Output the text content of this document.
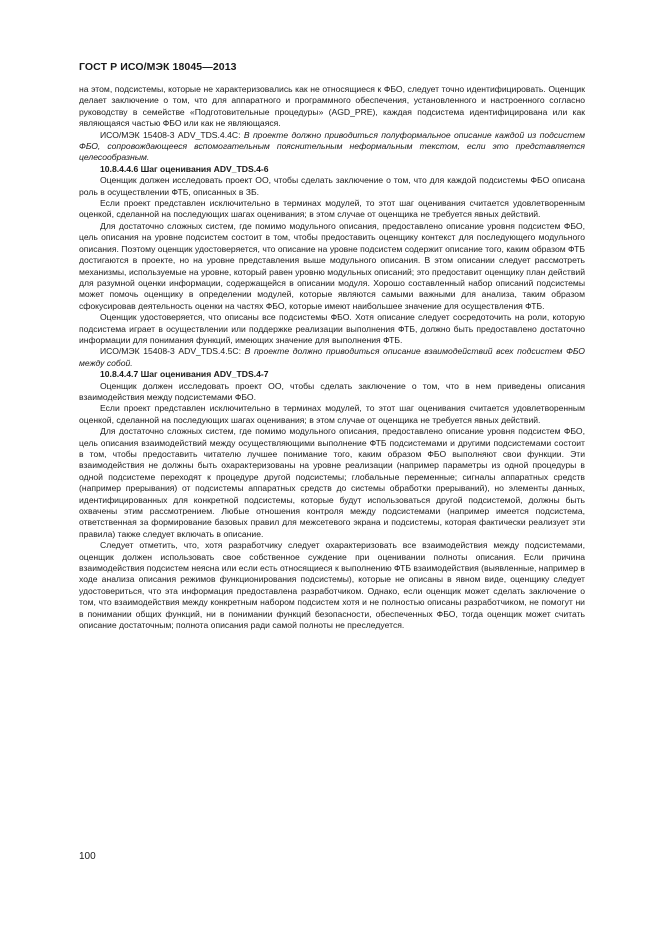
ГОСТ Р ИСО/МЭК 18045—2013

на этом, подсистемы, которые не характеризовались как не относящиеся к ФБО, следует точно идентифицировать. Оценщик делает заключение о том, что для аппаратного и программного обеспечения, установленного и настроенного согласно руководству в семействе «Подготовительные процедуры» (AGD_PRE), каждая подсистема идентифицирована или как являющаяся частью ФБО или как не являющаяся.

ИСО/МЭК 15408-3 ADV_TDS.4.4С: В проекте должно приводиться полуформальное описание каждой из подсистем ФБО, сопровождающееся вспомогательным пояснительным неформальным текстом, если это представляется целесообразным.

10.8.4.4.6 Шаг оценивания ADV_TDS.4-6

Оценщик должен исследовать проект ОО, чтобы сделать заключение о том, что для каждой подсистемы ФБО описана роль в осуществлении ФТБ, описанных в ЗБ.

Если проект представлен исключительно в терминах модулей, то этот шаг оценивания считается удовлетворенным оценкой, сделанной на последующих шагах оценивания; в этом случае от оценщика не требуется явных действий.

Для достаточно сложных систем, где помимо модульного описания, предоставлено описание уровня подсистем ФБО, цель описания на уровне подсистем состоит в том, чтобы предоставить оценщику контекст для последующего модульного описания. Поэтому оценщик удостоверяется, что описание на уровне подсистем содержит описание того, каким образом ФТБ достигаются в проекте, но на уровне представления выше модульного описания. В этом описании следует рассмотреть механизмы, используемые на уровне, который равен уровню модульных описаний; это предоставит оценщику план действий для разумной оценки информации, содержащейся в описании модуля. Хорошо составленный набор описаний подсистемы может помочь оценщику в определении модулей, которые являются самыми важными для анализа, таким образом сфокусировав деятельность оценки на частях ФБО, которые имеют наибольшее значение для осуществления ФТБ.

Оценщик удостоверяется, что описаны все подсистемы ФБО. Хотя описание следует сосредоточить на роли, которую подсистема играет в осуществлении или поддержке реализации выполнения ФТБ, должно быть предоставлено достаточно информации для понимания функций, имеющих значение для выполнения ФТБ.

ИСО/МЭК 15408-3 ADV_TDS.4.5С: В проекте должно приводиться описание взаимодействий всех подсистем ФБО между собой.

10.8.4.4.7 Шаг оценивания ADV_TDS.4-7

Оценщик должен исследовать проект ОО, чтобы сделать заключение о том, что в нем приведены описания взаимодействия между подсистемами ФБО.

Если проект представлен исключительно в терминах модулей, то этот шаг оценивания считается удовлетворенным оценкой, сделанной на последующих шагах оценивания; в этом случае от оценщика не требуется явных действий.

Для достаточно сложных систем, где помимо модульного описания, предоставлено описание уровня подсистем ФБО, цель описания взаимодействий между осуществляющими выполнение ФТБ подсистемами и другими подсистемами состоит в том, чтобы предоставить читателю лучшее понимание того, каким образом ФБО выполняют свои функции. Эти взаимодействия не должны быть охарактеризованы на уровне реализации (например параметры из одной процедуры в одной подсистеме переходят к процедуре другой подсистемы; глобальные переменные; сигналы аппаратных средств (например прерывания) от подсистемы аппаратных средств до системы обработки прерываний), но элементы данных, идентифицированных для конкретной подсистемы, которые будут использоваться другой подсистемой, должны быть охвачены этим рассмотрением. Любые отношения контроля между подсистемами (например имеется подсистема, ответственная за формирование базовых правил для межсетевого экрана и подсистемы, которая фактически реализует эти правила) также следует включать в описание.

Следует отметить, что, хотя разработчику следует охарактеризовать все взаимодействия между подсистемами, оценщик должен использовать свое собственное суждение при оценивании полноты описания. Если причина взаимодействия подсистем неясна или если есть относящиеся к выполнению ФТБ взаимодействия (выявленные, например в ходе анализа описания режимов функционирования подсистемы), которые не описаны в явном виде, оценщику следует удостовериться, что эта информация предоставлена разработчиком. Однако, если оценщик может сделать заключение о том, что взаимодействия между конкретным набором подсистем хотя и не полностью описаны разработчиком, не помогут ни в понимании общих функций, ни в понимании функций безопасности, обеспеченных ФБО, тогда оценщик может считать описание достаточным; полнота описания ради самой полноты не преследуется.

100
